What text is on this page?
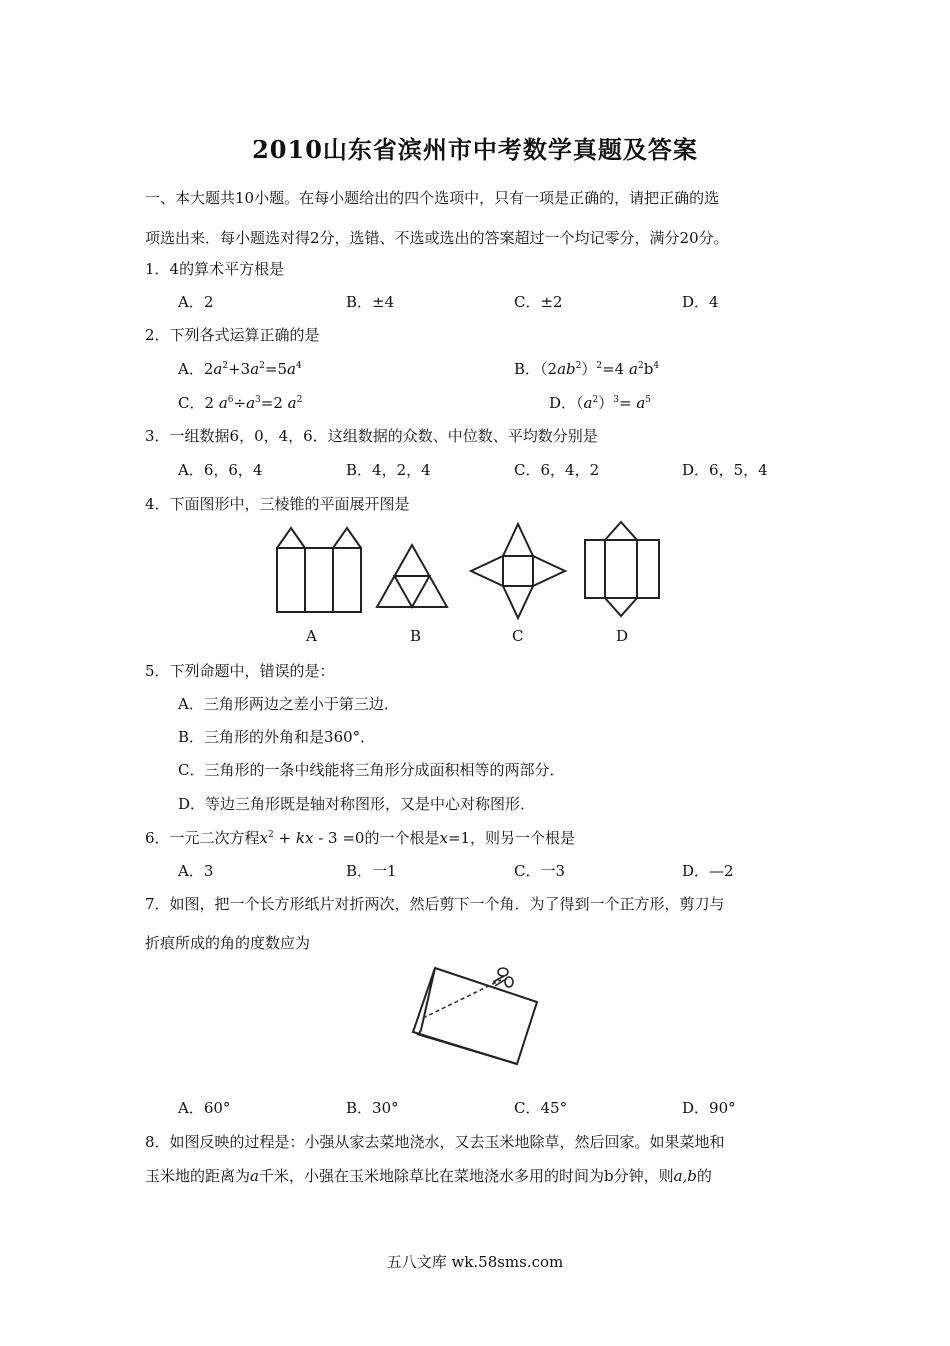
2010山东省滨州市中考数学真题及答案
一、本大题共10小题。在每小题给出的四个选项中，只有一项是正确的，请把正确的选
项选出来．每小题选对得2分，选错、不选或选出的答案超过一个均记零分，满分20分。
1．4的算术平方根是
A．2	B．±4	C．±2	D．4
2．下列各式运算正确的是
A．$2a^2+3a^2=5a^4$	B．$(2ab^2)^2=4$ $a^2b^4$
C．2 $a^6\div a^3=2$ $a^2$	D．$(a^2)^3= a^5$
3．一组数据6，0，4，6．这组数据的众数、中位数、平均数分别是
A．6，6，4	B．4，2，4	C．6，4，2	D．6，5，4
4．下面图形中，三棱锥的平面展开图是
A	B	C	D
5．下列命题中，错误的是：
A．三角形两边之差小于第三边．
B．三角形的外角和是360°．
C．三角形的一条中线能将三角形分成面积相等的两部分．
D．等边三角形既是轴对称图形，又是中心对称图形．
6．一元二次方程$x^2$ + kx - 3 =0的一个根是x=1，则另一个根是
A．3	B．一1	C．一3	D．—2
7．如图，把一个长方形纸片对折两次，然后剪下一个角．为了得到一个正方形，剪刀与
折痕所成的角的度数应为
A．60°	B．30°	C．45°	D．90°
8．如图反映的过程是：小强从家去菜地浇水，又去玉米地除草，然后回家。如果菜地和
玉米地的距离为a千米，小强在玉米地除草比在菜地浇水多用的时间为b分钟，则a,b的
五八文库 wk.58sms.com
